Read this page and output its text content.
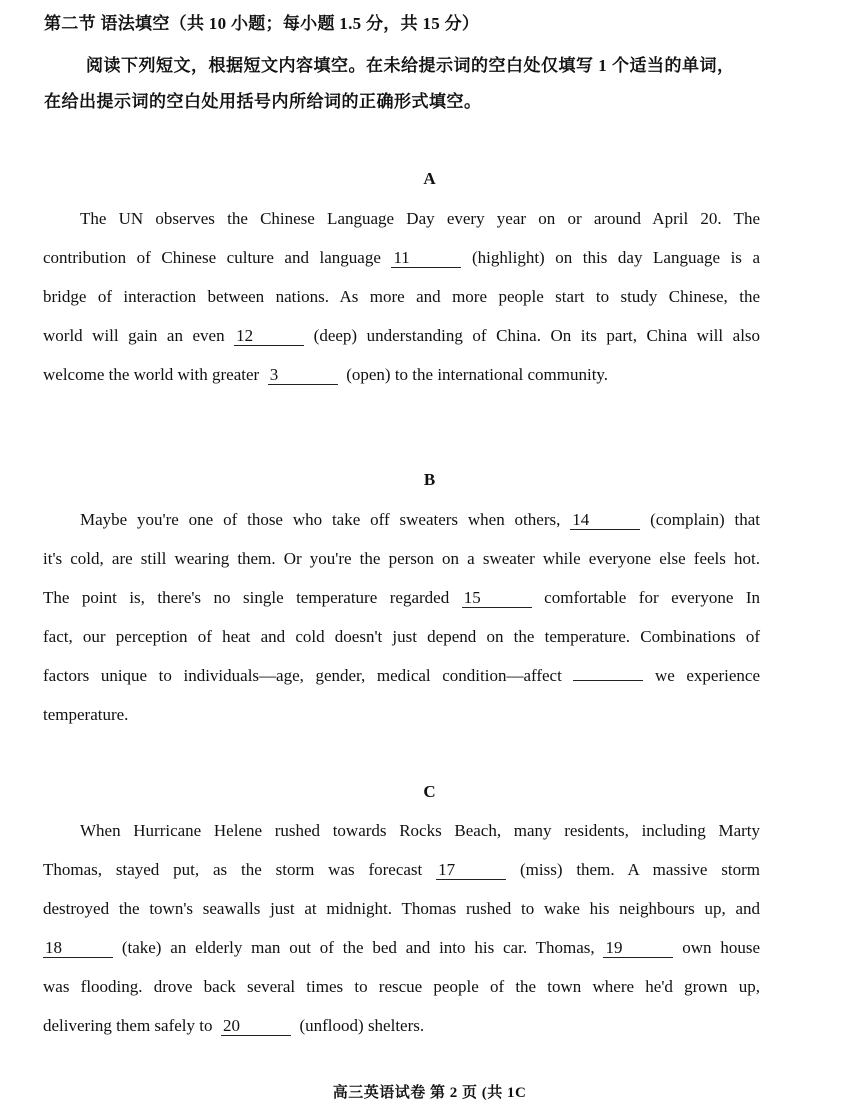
第二节 语法填空（共 10 小题；每小题 1.5 分，共 15 分）
阅读下列短文，根据短文内容填空。在未给提示词的空白处仅填写 1 个适当的单词，
在给出提示词的空白处用括号内所给词的正确形式填空。
A
The UN observes the Chinese Language Day every year on or around April 20. The
contribution of Chinese culture and language 11	(highlight) on this day Language is a
bridge of interaction between nations. As more and more people start to study Chinese, the
world will gain an even 12	(deep) understanding of China. On its part, China will also
welcome the world with greater 3	(open) to the international community.
B
Maybe you're one of those who take off sweaters when others, 14	(complain) that
it's cold, are still wearing them. Or you're the person on a sweater while everyone else feels hot.
The point is, there's no single temperature regarded 15	comfortable for everyone In
fact, our perception of heat and cold doesn't just depend on the temperature. Combinations of
factors unique to individuals—age, gender, medical condition—affect	we experience
temperature.
C
When Hurricane Helene rushed towards Rocks Beach, many residents, including Marty
Thomas, stayed put, as the storm was forecast 17	(miss) them. A massive storm
destroyed the town's seawalls just at midnight. Thomas rushed to wake his neighbours up, and
18	(take) an elderly man out of the bed and into his car. Thomas, 19	own house
was flooding. drove back several times to rescue people of the town where he'd grown up,
delivering them safely to 20	(unflood) shelters.
高三英语试卷 第 2 页 (共 1C
